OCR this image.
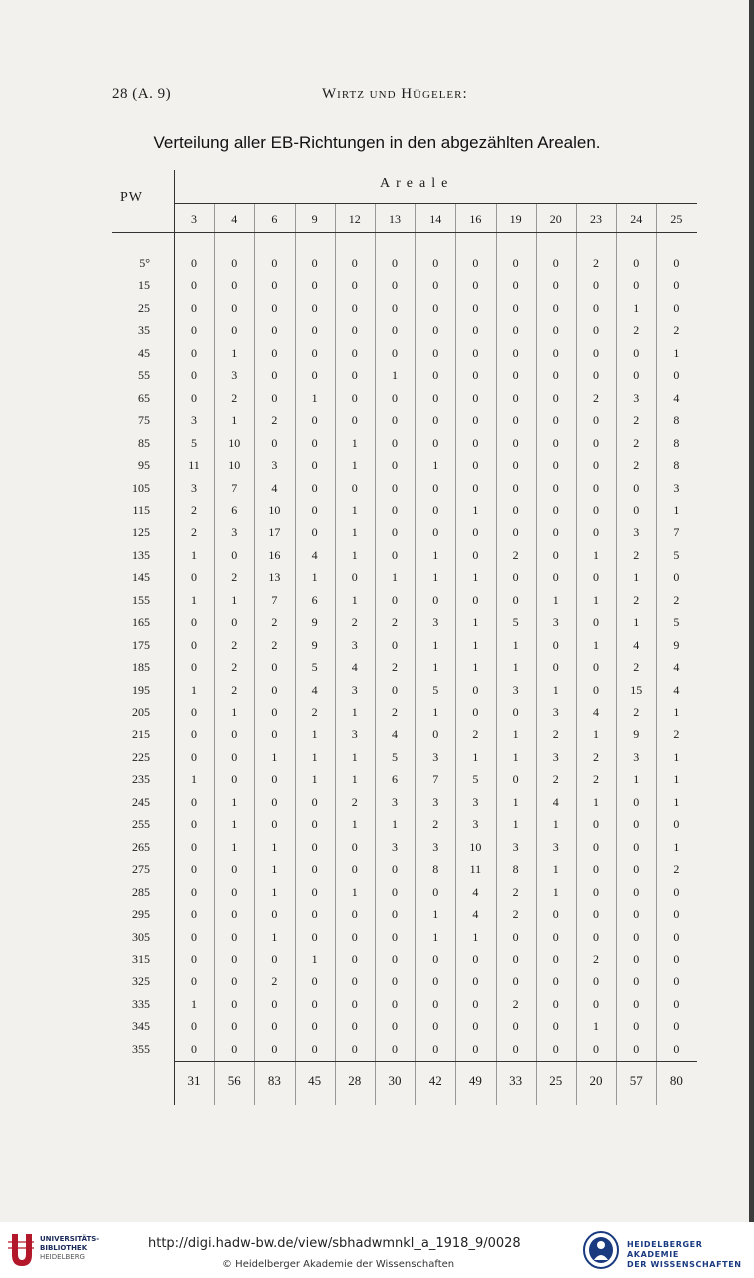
28 (A. 9)	Wirtz und Hügeler:
Verteilung aller EB-Richtungen in den abgezählten Arealen.
PW
Areale
3	4	6	9	12	13	14	16	19	20	23	24	25
5°	0	0	0	0	0	0	0	0	0	0	2	0	0
15	0	0	0	0	0	0	0	0	0	0	0	0	0
25	0	0	0	0	0	0	0	0	0	0	0	1	0
35	0	0	0	0	0	0	0	0	0	0	0	2	2
45	0	1	0	0	0	0	0	0	0	0	0	0	1
55	0	3	0	0	0	1	0	0	0	0	0	0	0
65	0	2	0	1	0	0	0	0	0	0	2	3	4
75	3	1	2	0	0	0	0	0	0	0	0	2	8
85	5	10	0	0	1	0	0	0	0	0	0	2	8
95	11	10	3	0	1	0	1	0	0	0	0	2	8
105	3	7	4	0	0	0	0	0	0	0	0	0	3
115	2	6	10	0	1	0	0	1	0	0	0	0	1
125	2	3	17	0	1	0	0	0	0	0	0	3	7
135	1	0	16	4	1	0	1	0	2	0	1	2	5
145	0	2	13	1	0	1	1	1	0	0	0	1	0
155	1	1	7	6	1	0	0	0	0	1	1	2	2
165	0	0	2	9	2	2	3	1	5	3	0	1	5
175	0	2	2	9	3	0	1	1	1	0	1	4	9
185	0	2	0	5	4	2	1	1	1	0	0	2	4
195	1	2	0	4	3	0	5	0	3	1	0	15	4
205	0	1	0	2	1	2	1	0	0	3	4	2	1
215	0	0	0	1	3	4	0	2	1	2	1	9	2
225	0	0	1	1	1	5	3	1	1	3	2	3	1
235	1	0	0	1	1	6	7	5	0	2	2	1	1
245	0	1	0	0	2	3	3	3	1	4	1	0	1
255	0	1	0	0	1	1	2	3	1	1	0	0	0
265	0	1	1	0	0	3	3	10	3	3	0	0	1
275	0	0	1	0	0	0	8	11	8	1	0	0	2
285	0	0	1	0	1	0	0	4	2	1	0	0	0
295	0	0	0	0	0	0	1	4	2	0	0	0	0
305	0	0	1	0	0	0	1	1	0	0	0	0	0
315	0	0	0	1	0	0	0	0	0	0	2	0	0
325	0	0	2	0	0	0	0	0	0	0	0	0	0
335	1	0	0	0	0	0	0	0	2	0	0	0	0
345	0	0	0	0	0	0	0	0	0	0	1	0	0
355	0	0	0	0	0	0	0	0	0	0	0	0	0
31	56	83	45	28	30	42	49	33	25	20	57	80
UNIVERSITÄTS-
BIBLIOTHEK
HEIDELBERG
http://digi.hadw-bw.de/view/sbhadwmnkl_a_1918_9/0028
© Heidelberger Akademie der Wissenschaften
HEIDELBERGER AKADEMIE
DER WISSENSCHAFTEN
